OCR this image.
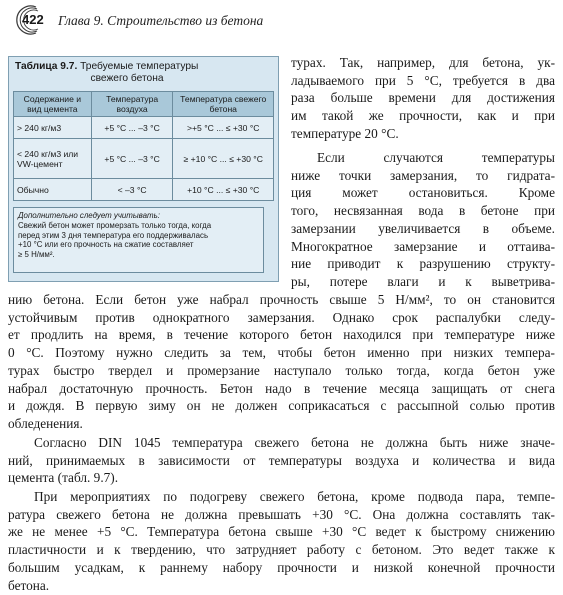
422 Глава 9. Строительство из бетона
Таблица 9.7. Требуемые температуры
свежего бетона
Содержание и вид цемента	Температура воздуха	Температура свежего бетона
> 240 кг/м3	+5 °C ... –3 °C	>+5 °C ... ≤ +30 °C
< 240 кг/м3 или VW-цемент	+5 °C ... –3 °C	≥ +10 °C ... ≤ +30 °C
Обычно	< –3 °C	+10 °C ... ≤ +30 °C
Дополнительно следует учитывать:
Свежий бетон может промерзать только тогда, когда
перед этим 3 дня температура его поддерживалась
+10 °C или его прочность на сжатие составляет
≥ 5 Н/мм².
турах. Так, например, для бетона, ук-
ладываемого при 5 °C, требуется в два
раза больше времени для достижения
им такой же прочности, как и при
температуре 20 °C.
Если случаются температуры
ниже точки замерзания, то гидрата-
ция может остановиться. Кроме
того, несвязанная вода в бетоне при
замерзании увеличивается в объеме.
Многократное замерзание и оттаива-
ние приводит к разрушению структу-
ры, потере влаги и к выветрива-
нию бетона. Если бетон уже набрал прочность свыше 5 Н/мм², то он становится
устойчивым против однократного замерзания. Однако срок распалубки следу-
ет продлить на время, в течение которого бетон находился при температуре ниже
0 °C. Поэтому нужно следить за тем, чтобы бетон именно при низких темпера-
турах быстро твердел и промерзание наступало только тогда, когда бетон уже
набрал достаточную прочность. Бетон надо в течение месяца защищать от снега
и дождя. В первую зиму он не должен соприкасаться с рассыпной солью против
обледенения.
Согласно DIN 1045 температура свежего бетона не должна быть ниже значе-
ний, принимаемых в зависимости от температуры воздуха и количества и вида
цемента (табл. 9.7).
При мероприятиях по подогреву свежего бетона, кроме подвода пара, темпе-
ратура свежего бетона не должна превышать +30 °C. Она должна составлять так-
же не менее +5 °C. Температура бетона свыше +30 °C ведет к быстрому снижению
пластичности и к твердению, что затрудняет работу с бетоном. Это ведет также к
большим усадкам, к раннему набору прочности и низкой конечной прочности
бетона.
